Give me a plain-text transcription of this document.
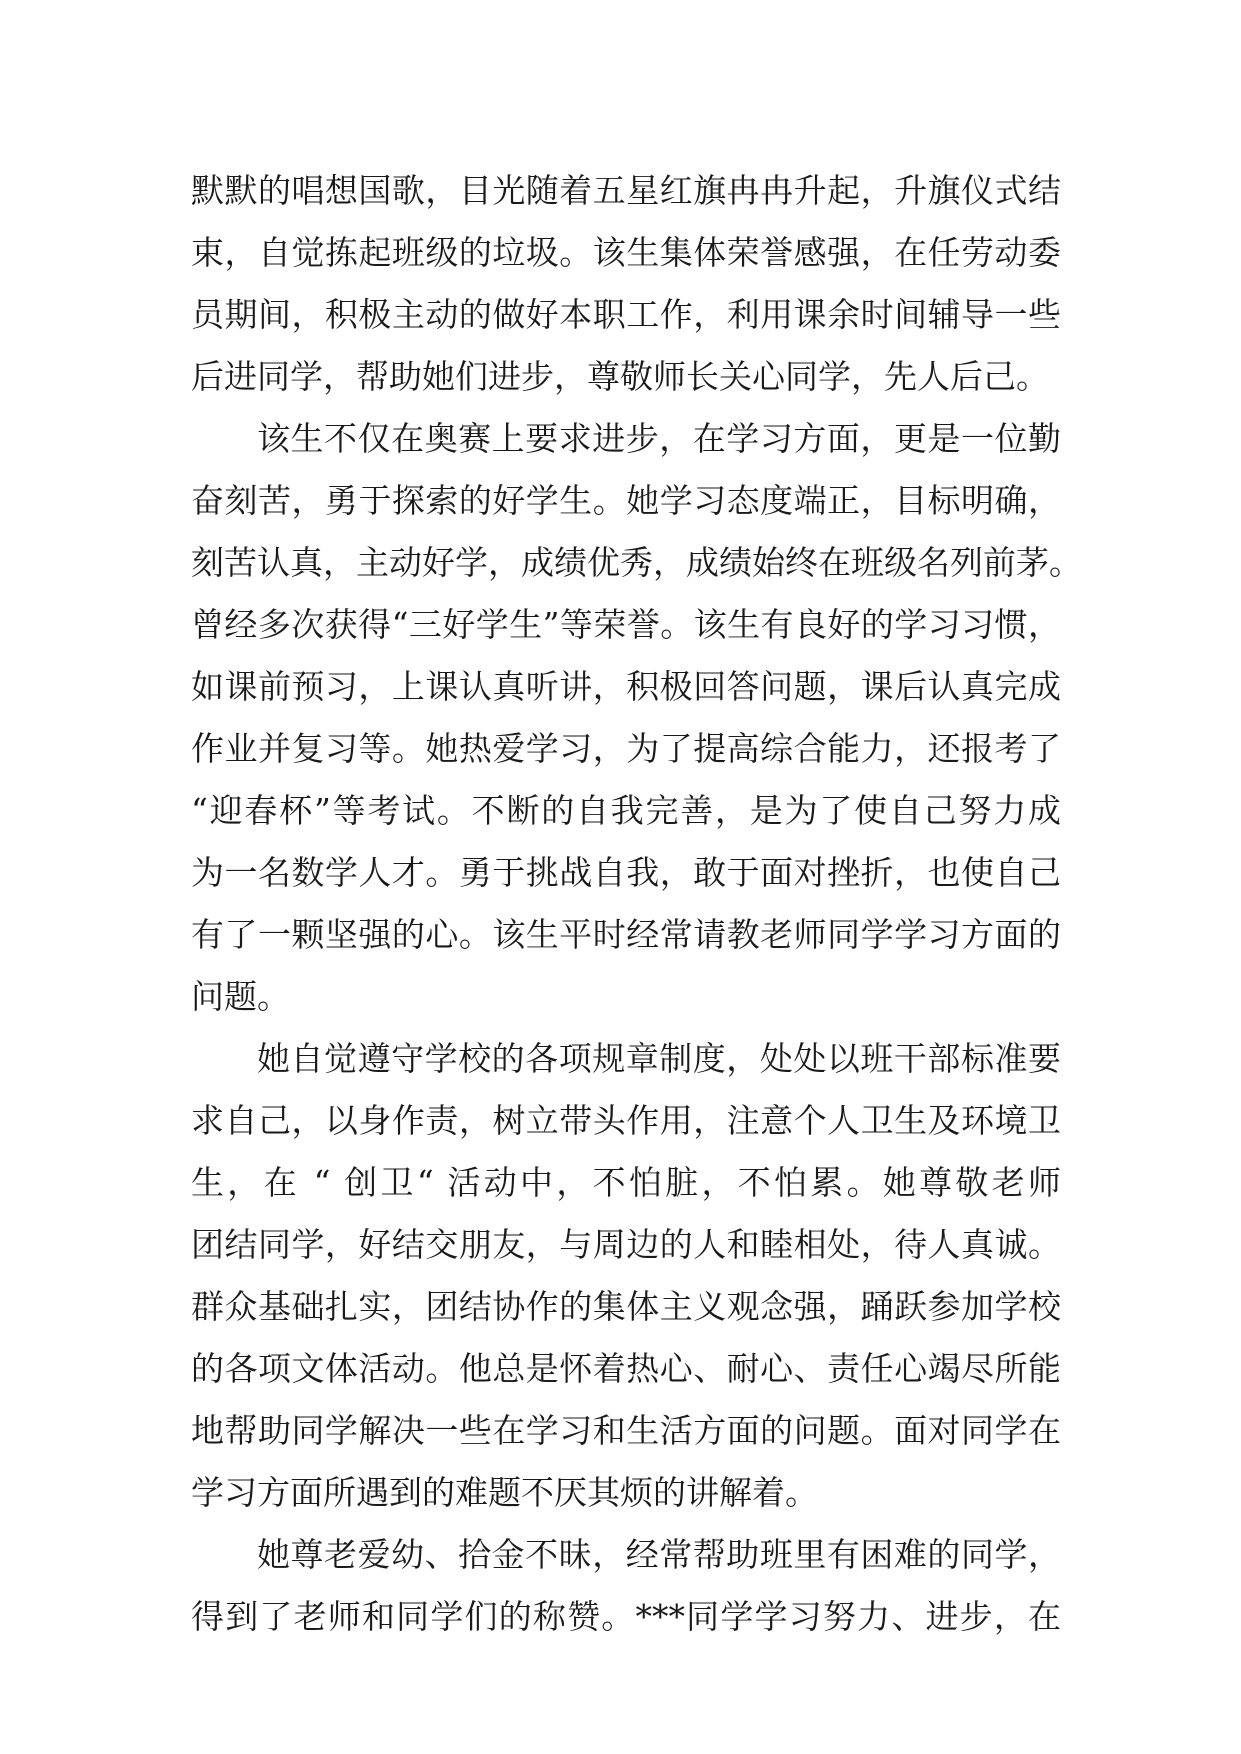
默默的唱想国歌，目光随着五星红旗冉冉升起，升旗仪式结
束，自觉拣起班级的垃圾。该生集体荣誉感强，在任劳动委
员期间，积极主动的做好本职工作，利用课余时间辅导一些
后进同学，帮助她们进步，尊敬师长关心同学，先人后己。
该生不仅在奥赛上要求进步，在学习方面，更是一位勤
奋刻苦，勇于探索的好学生。她学习态度端正，目标明确，
刻苦认真，主动好学，成绩优秀，成绩始终在班级名列前茅。
曾经多次获得“三好学生”等荣誉。该生有良好的学习习惯，
如课前预习，上课认真听讲，积极回答问题，课后认真完成
作业并复习等。她热爱学习，为了提高综合能力，还报考了
“迎春杯”等考试。不断的自我完善，是为了使自己努力成
为一名数学人才。勇于挑战自我，敢于面对挫折，也使自己
有了一颗坚强的心。该生平时经常请教老师同学学习方面的
问题。
她自觉遵守学校的各项规章制度，处处以班干部标准要
求自己，以身作责，树立带头作用，注意个人卫生及环境卫
生，在 “ 创卫“ 活动中，不怕脏，不怕累。她尊敬老师
团结同学，好结交朋友，与周边的人和睦相处，待人真诚。
群众基础扎实，团结协作的集体主义观念强，踊跃参加学校
的各项文体活动。他总是怀着热心、耐心、责任心竭尽所能
地帮助同学解决一些在学习和生活方面的问题。面对同学在
学习方面所遇到的难题不厌其烦的讲解着。
她尊老爱幼、拾金不昧，经常帮助班里有困难的同学，
得到了老师和同学们的称赞。***同学学习努力、进步，在
